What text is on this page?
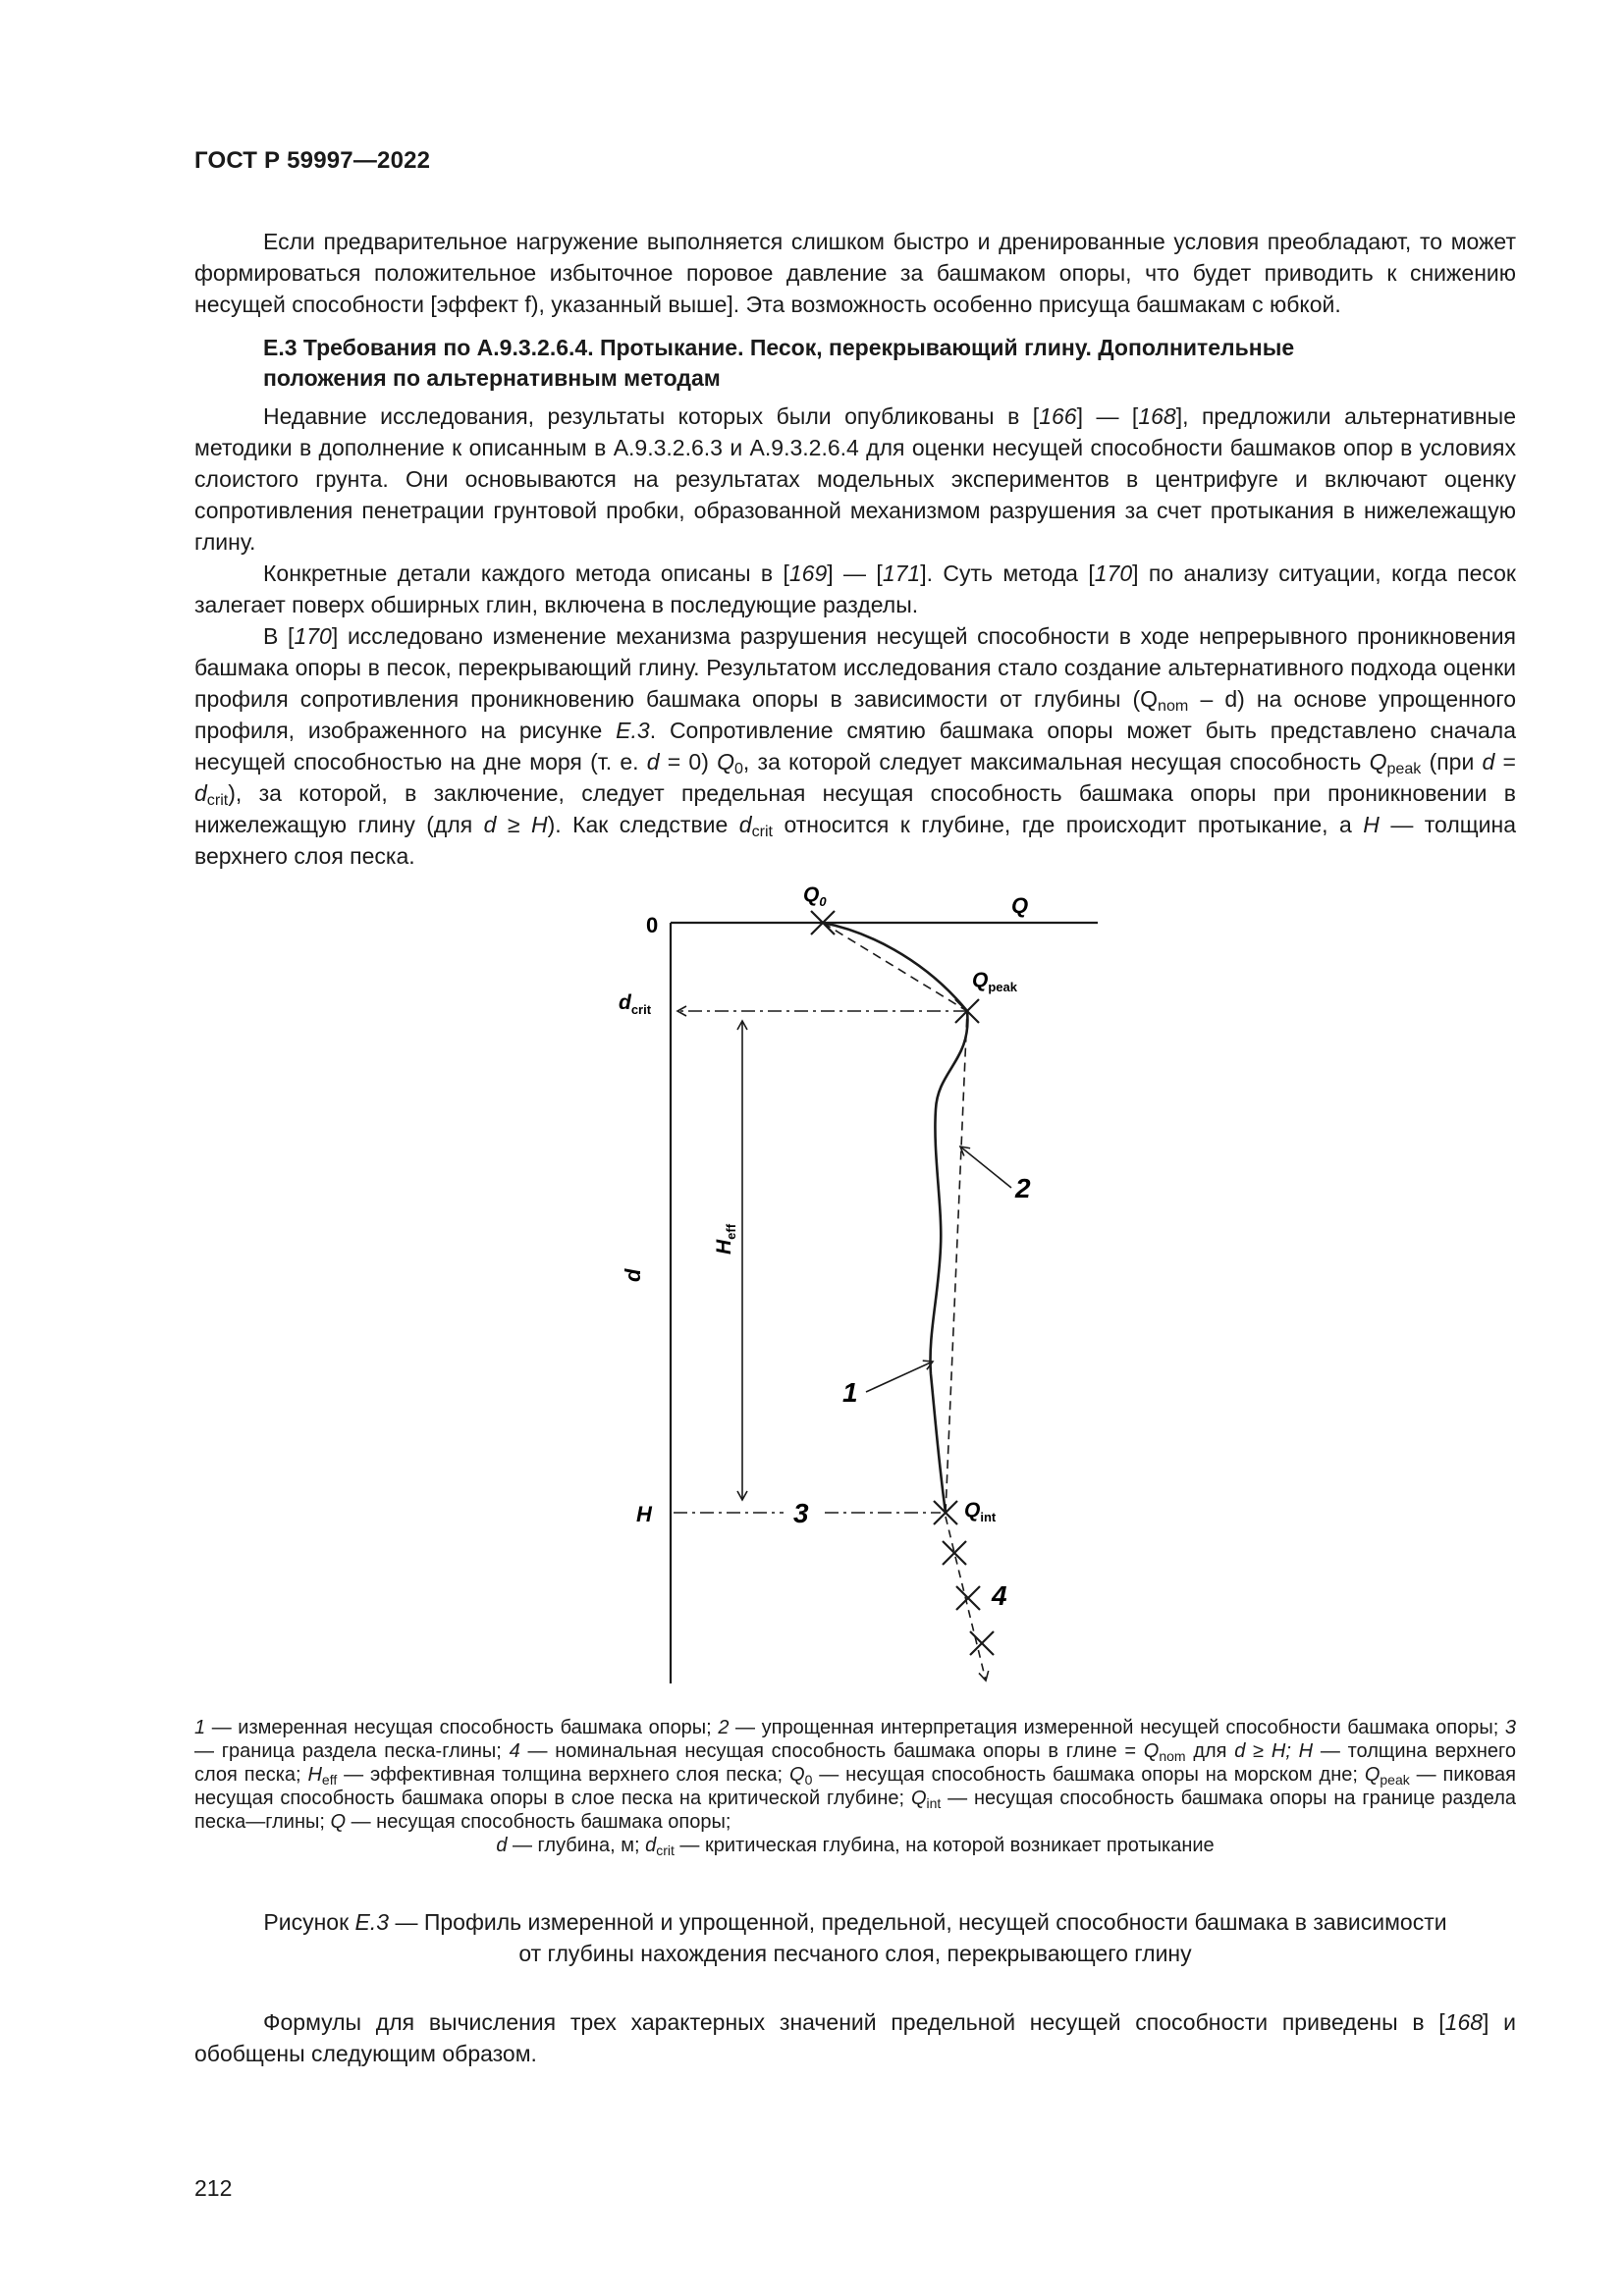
ГОСТ Р 59997—2022

Если предварительное нагружение выполняется слишком быстро и дренированные условия преобладают, то может формироваться положительное избыточное поровое давление за башмаком опоры, что будет приводить к снижению несущей способности [эффект f), указанный выше]. Эта возможность особенно присуща башмакам с юбкой.

Е.3 Требования по А.9.3.2.6.4. Протыкание. Песок, перекрывающий глину. Дополнительные
положения по альтернативным методам

Недавние исследования, результаты которых были опубликованы в [166] — [168], предложили альтернативные методики в дополнение к описанным в А.9.3.2.6.3 и А.9.3.2.6.4 для оценки несущей способности башмаков опор в условиях слоистого грунта. Они основываются на результатах модельных экспериментов в центрифуге и включают оценку сопротивления пенетрации грунтовой пробки, образованной механизмом разрушения за счет протыкания в нижележащую глину.

Конкретные детали каждого метода описаны в [169] — [171]. Суть метода [170] по анализу ситуации, когда песок залегает поверх обширных глин, включена в последующие разделы.

В [170] исследовано изменение механизма разрушения несущей способности в ходе непрерывного проникновения башмака опоры в песок, перекрывающий глину. Результатом исследования стало создание альтернативного подхода оценки профиля сопротивления проникновению башмака опоры в зависимости от глубины $(Q_{nom} - d)$ на основе упрощенного профиля, изображенного на рисунке Е.3. Сопротивление смятию башмака опоры может быть представлено сначала несущей способностью на дне моря (т. е. d = 0) $Q_0$, за которой следует максимальная несущая способность $Q_{peak}$ (при $d = d_{crit}$), за которой, в заключение, следует предельная несущая способность башмака опоры при проникновении в нижележащую глину (для d ≥ H). Как следствие $d_{crit}$ относится к глубине, где происходит протыкание, а H — толщина верхнего слоя песка.

0
Q
$Q_0$
$Q_{peak}$
$d_{crit}$
$H_{eff}$
d
H	$Q_{int}$
1
2
3
4
1 — измеренная несущая способность башмака опоры; 2 — упрощенная интерпретация измеренной несущей способности башмака опоры; 3 — граница раздела песка-глины; 4 — номинальная несущая способность башмака опоры в глине = $Q_{nom}$ для d ≥ H; H — толщина верхнего слоя песка; $H_{eff}$ — эффективная толщина верхнего слоя песка; $Q_0$ — несущая способность башмака опоры на морском дне; $Q_{peak}$ — пиковая несущая способность башмака опоры в слое песка на критической глубине; $Q_{int}$ — несущая способность башмака опоры на границе раздела песка—глины; Q — несущая способность башмака опоры;
d — глубина, м; $d_{crit}$ — критическая глубина, на которой возникает протыкание
Рисунок Е.3 — Профиль измеренной и упрощенной, предельной, несущей способности башмака в зависимости
от глубины нахождения песчаного слоя, перекрывающего глину

Формулы для вычисления трех характерных значений предельной несущей способности приведены в [168] и обобщены следующим образом.

212
